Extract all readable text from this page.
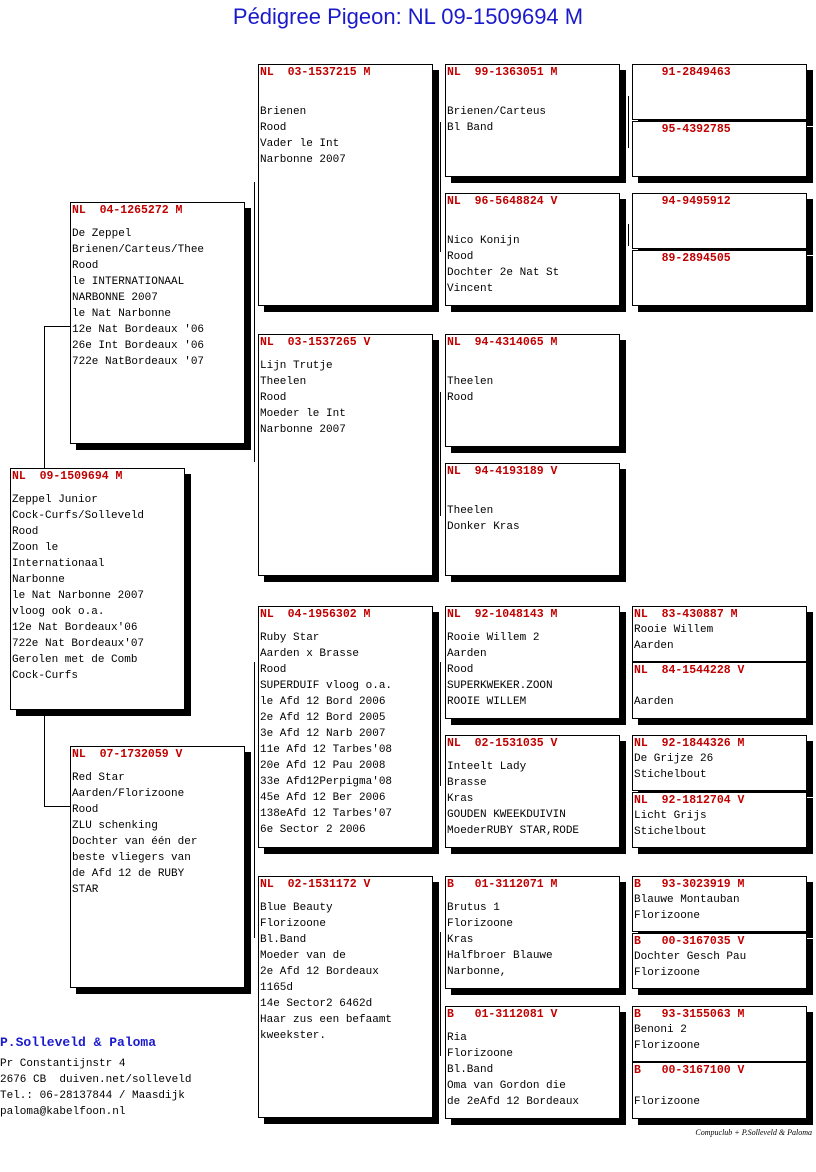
Pédigree Pigeon: NL 09-1509694 M
NL  09-1509694 M
Zeppel Junior
Cock-Curfs/Solleveld
Rood
Zoon le
Internationaal
Narbonne
le Nat Narbonne 2007
vloog ook o.a.
12e Nat Bordeaux'06
722e Nat Bordeaux'07
Gerolen met de Comb
Cock-Curfs
NL  04-1265272 M
De Zeppel
Brienen/Carteus/Thee
Rood
le INTERNATIONAAL
NARBONNE 2007
le Nat Narbonne
12e Nat Bordeaux '06
26e Int Bordeaux '06
722e NatBordeaux '07
NL  07-1732059 V
Red Star
Aarden/Florizoone
Rood
ZLU schenking
Dochter van één der
beste vliegers van
de Afd 12 de RUBY
STAR
NL  03-1537215 M

Brienen
Rood
Vader le Int
Narbonne 2007
NL  03-1537265 V
Lijn Trutje
Theelen
Rood
Moeder le Int
Narbonne 2007
NL  04-1956302 M
Ruby Star
Aarden x Brasse
Rood
SUPERDUIF vloog o.a.
le Afd 12 Bord 2006
2e Afd 12 Bord 2005
3e Afd 12 Narb 2007
11e Afd 12 Tarbes'08
20e Afd 12 Pau 2008
33e Afd12Perpigma'08
45e Afd 12 Ber 2006
138eAfd 12 Tarbes'07
6e Sector 2 2006
NL  02-1531172 V
Blue Beauty
Florizoone
Bl.Band
Moeder van de
2e Afd 12 Bordeaux
1165d
14e Sector2 6462d
Haar zus een befaamt
kweekster.
NL  99-1363051 M

Brienen/Carteus
Bl Band
NL  96-5648824 V

Nico Konijn
Rood
Dochter 2e Nat St
Vincent
NL  94-4314065 M

Theelen
Rood
NL  94-4193189 V

Theelen
Donker Kras
NL  92-1048143 M
Rooie Willem 2
Aarden
Rood
SUPERKWEKER.ZOON
ROOIE WILLEM
NL  02-1531035 V
Inteelt Lady
Brasse
Kras
GOUDEN KWEEKDUIVIN
MoederRUBY STAR,RODE
B   01-3112071 M
Brutus 1
Florizoone
Kras
Halfbroer Blauwe
Narbonne,
B   01-3112081 V
Ria
Florizoone
Bl.Band
Oma van Gordon die
de 2eAfd 12 Bordeaux
91-2849463
95-4392785
94-9495912
89-2894505
NL  83-430887 M
Rooie Willem
Aarden
NL  84-1544228 V

Aarden
NL  92-1844326 M
De Grijze 26
Stichelbout
NL  92-1812704 V
Licht Grijs
Stichelbout
B   93-3023919 M
Blauwe Montauban
Florizoone
B   00-3167035 V
Dochter Gesch Pau
Florizoone
B   93-3155063 M
Benoni 2
Florizoone
B   00-3167100 V

Florizoone
P.Solleveld & Paloma
Pr Constantijnstr 4
2676 CB  duiven.net/solleveld
Tel.: 06-28137844 / Maasdijk
paloma@kabelfoon.nl
Compuclub + P.Solleveld & Paloma
